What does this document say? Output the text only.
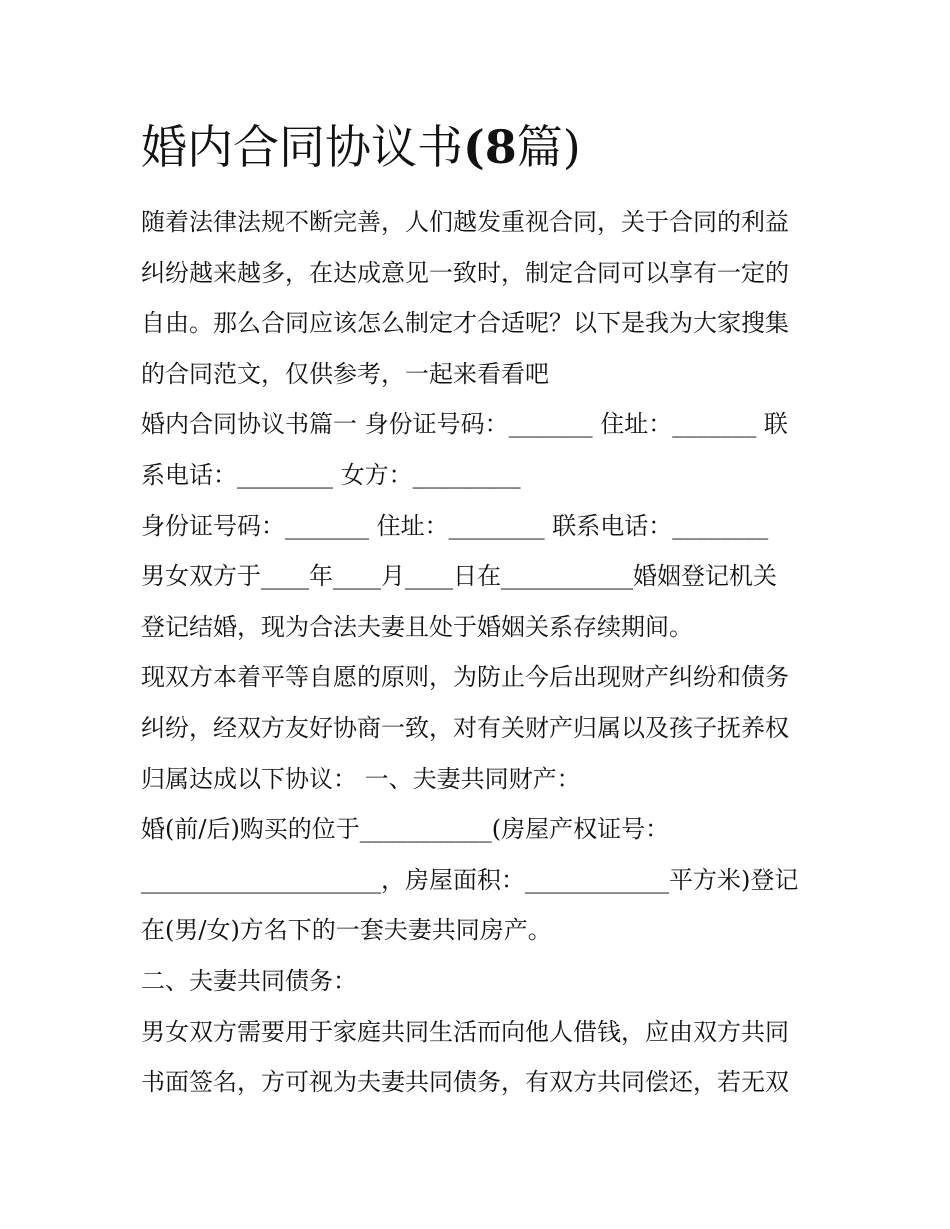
婚内合同协议书(8篇)
随着法律法规不断完善，人们越发重视合同，关于合同的利益
纠纷越来越多，在达成意见一致时，制定合同可以享有一定的
自由。那么合同应该怎么制定才合适呢？以下是我为大家搜集
的合同范文，仅供参考，一起来看看吧
婚内合同协议书篇一 身份证号码：_______ 住址：_______ 联
系电话：________ 女方：_________
身份证号码：_______ 住址：________ 联系电话：________
男女双方于____年____月____日在___________婚姻登记机关
登记结婚，现为合法夫妻且处于婚姻关系存续期间。
现双方本着平等自愿的原则，为防止今后出现财产纠纷和债务
纠纷，经双方友好协商一致，对有关财产归属以及孩子抚养权
归属达成以下协议： 一、夫妻共同财产：
婚(前/后)购买的位于___________(房屋产权证号：
____________________，房屋面积：____________平方米)登记
在(男/女)方名下的一套夫妻共同房产。
二、夫妻共同债务：
男女双方需要用于家庭共同生活而向他人借钱，应由双方共同
书面签名，方可视为夫妻共同债务，有双方共同偿还，若无双
